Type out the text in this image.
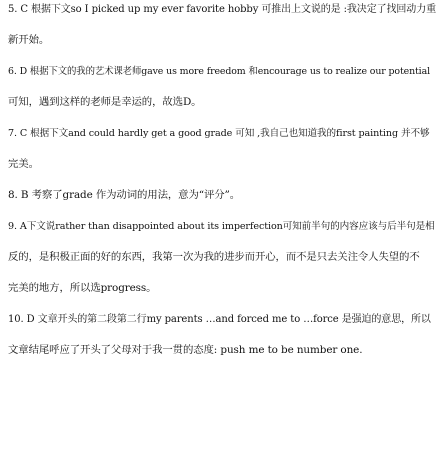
5. C 根据下文so I picked up my ever favorite hobby 可推出上文说的是 :我决定了找回动力重
新开始。
6. D 根据下文的我的艺术课老师gave us more freedom 和encourage us to realize our potential
可知，遇到这样的老师是幸运的，故选D。
7. C 根据下文and could hardly get a good grade 可知 ,我自己也知道我的first painting 并不够
完美。
8. B 考察了grade 作为动词的用法，意为“评分”。
9. A下文说rather than disappointed about its imperfection可知前半句的内容应该与后半句是相
反的，是积极正面的好的东西，我第一次为我的进步而开心，而不是只去关注令人失望的不
完美的地方，所以选progress。
10. D 文章开头的第二段第二行my parents …and forced me to …force 是强迫的意思，所以
文章结尾呼应了开头了父母对于我一贯的态度: push me to be number one.
